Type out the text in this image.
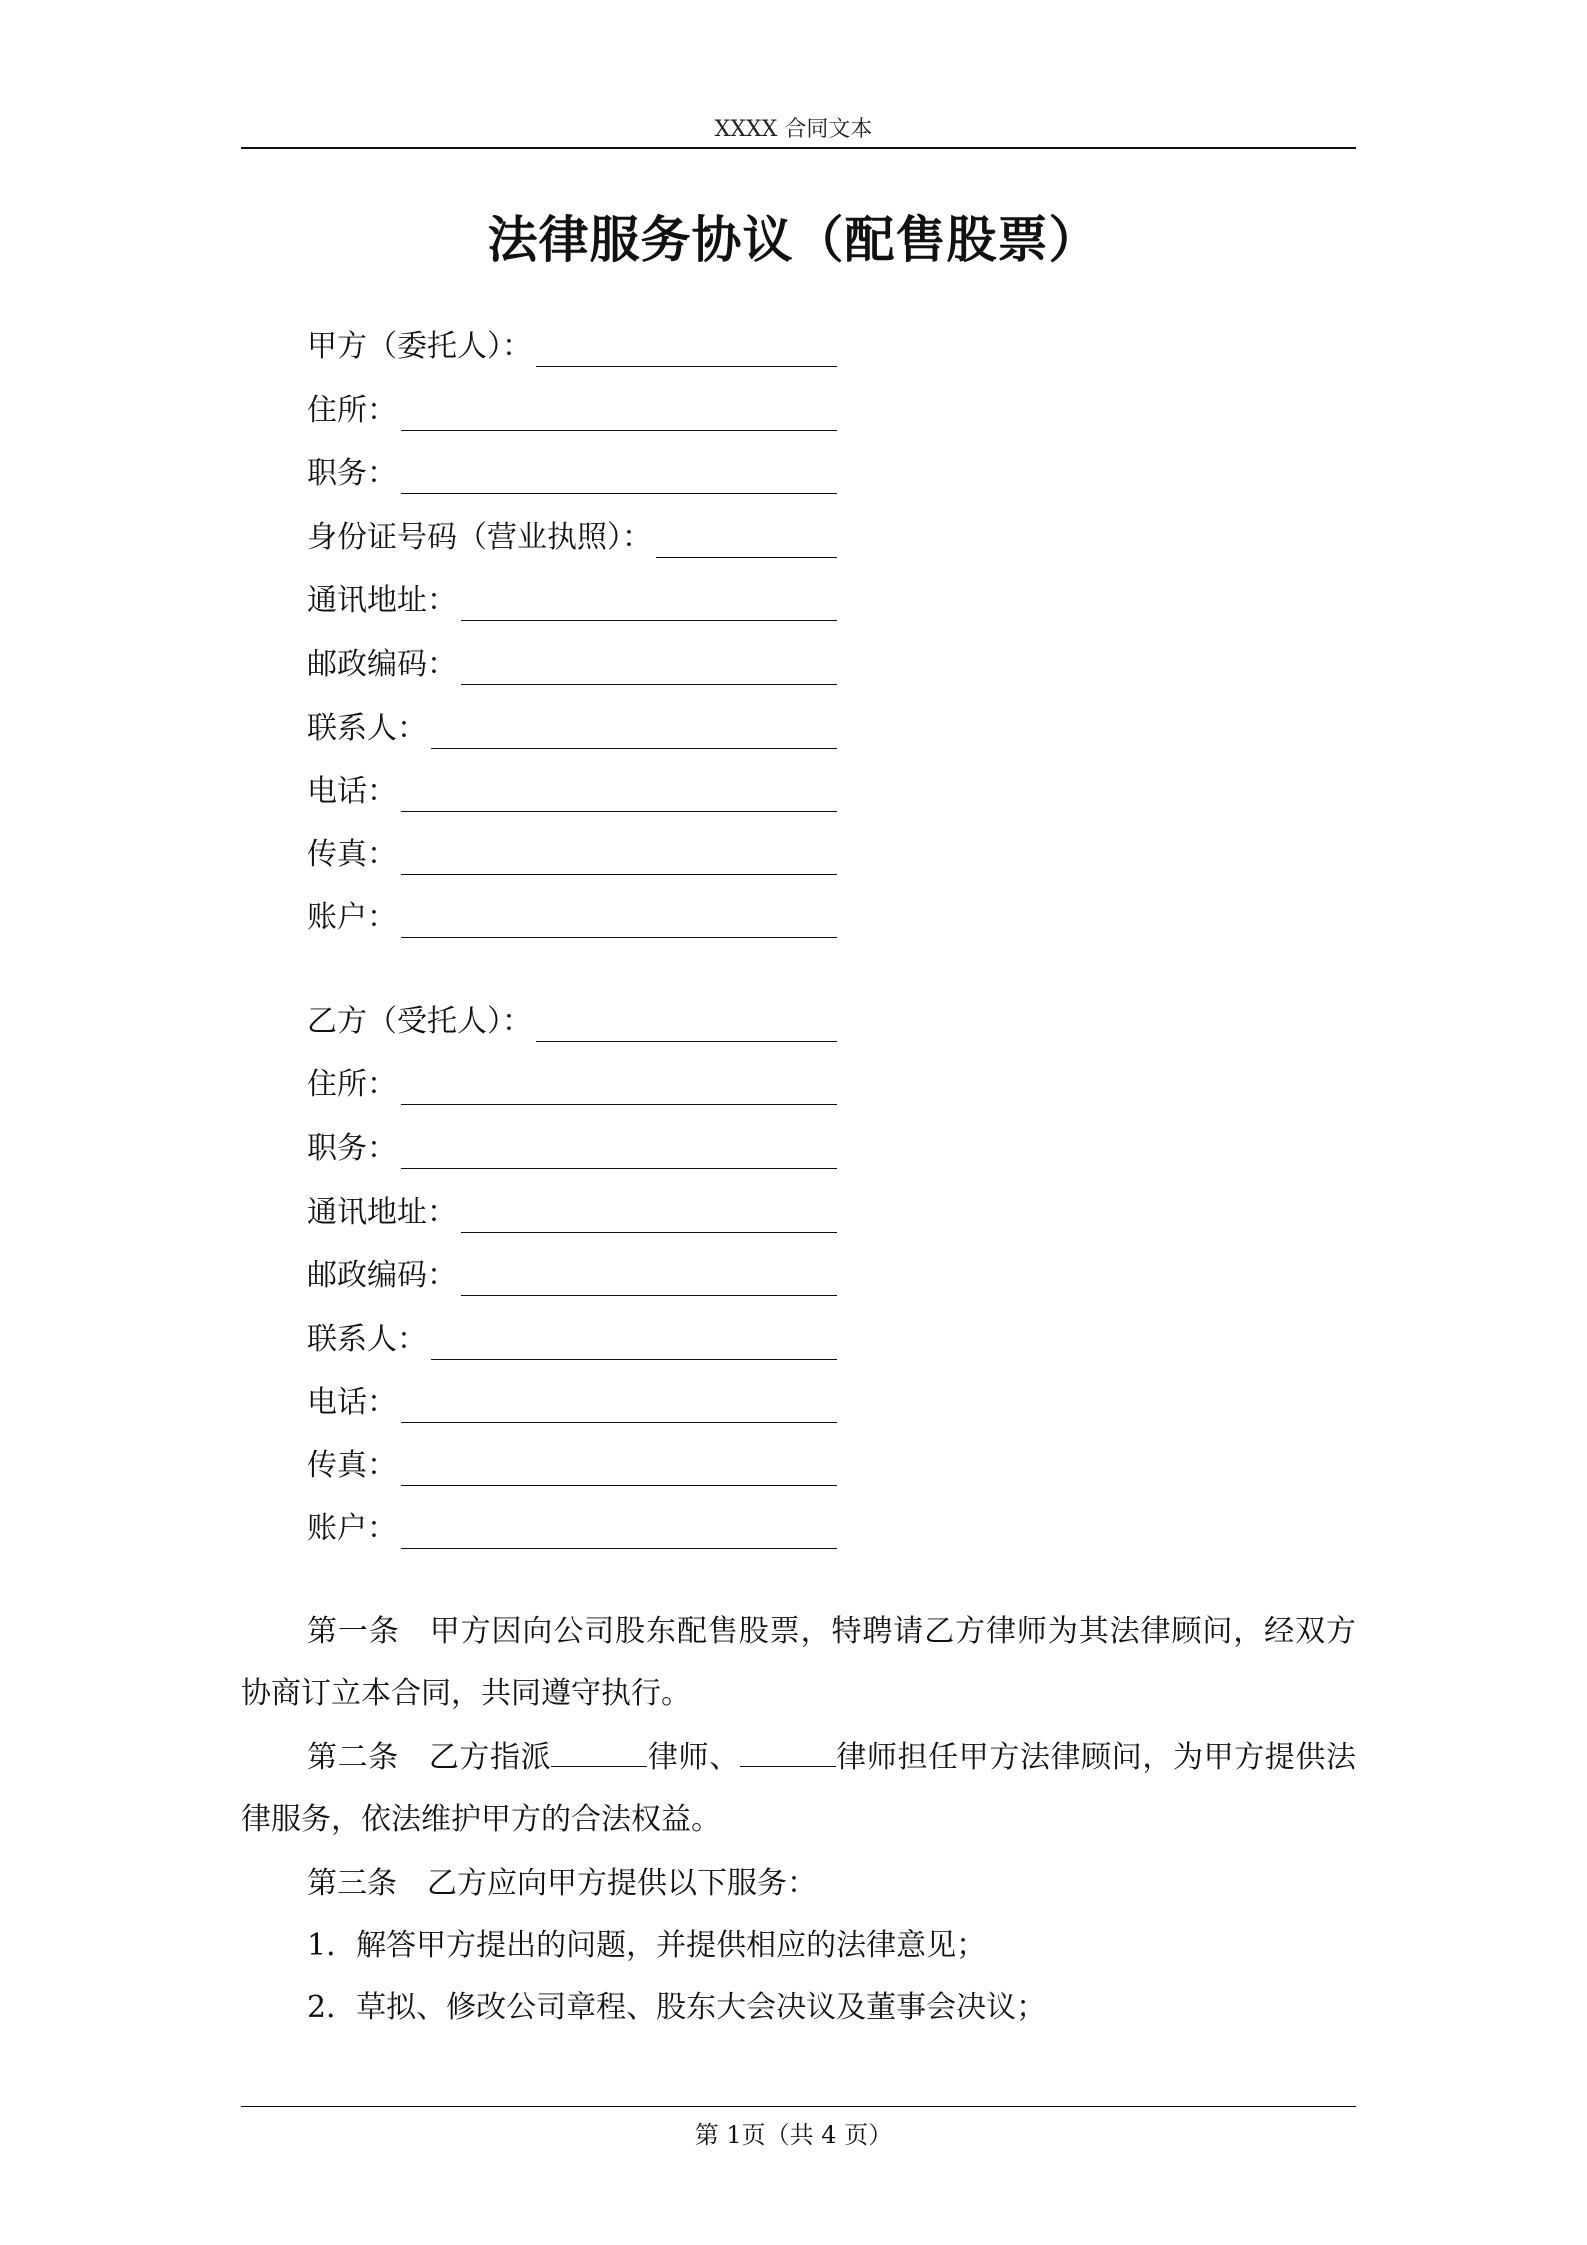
XXXX 合同文本
法律服务协议（配售股票）
甲方（委托人）：
住所：
职务：
身份证号码（营业执照）：
通讯地址：
邮政编码：
联系人：
电话：
传真：
账户：
乙方（受托人）：
住所：
职务：
通讯地址：
邮政编码：
联系人：
电话：
传真：
账户：
第一条 甲方因向公司股东配售股票，特聘请乙方律师为其法律顾问，经双方协商订立本合同，共同遵守执行。
第二条 乙方指派	律师、	律师担任甲方法律顾问，为甲方提供法律服务，依法维护甲方的合法权益。
第三条 乙方应向甲方提供以下服务：
1．解答甲方提出的问题，并提供相应的法律意见；
2．草拟、修改公司章程、股东大会决议及董事会决议；
第 1页（共 4 页）
